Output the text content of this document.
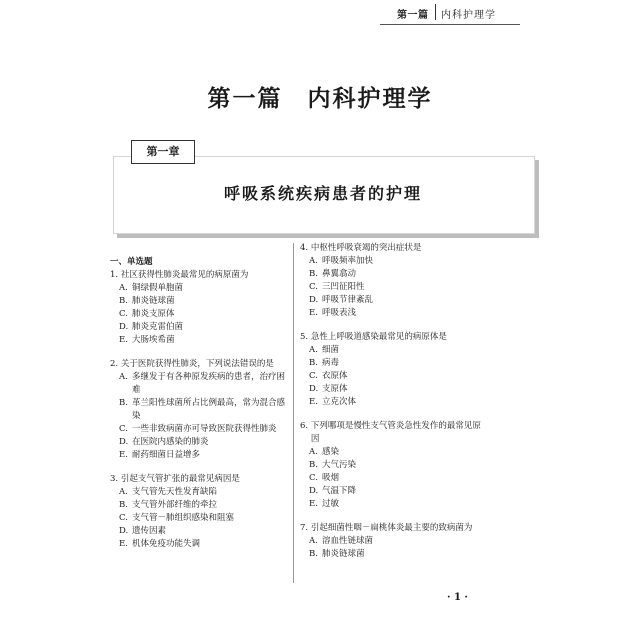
第一篇 内科护理学
第一篇　内科护理学
第一章
呼吸系统疾病患者的护理
一、单选题
1. 社区获得性肺炎最常见的病原菌为
A. 铜绿假单胞菌
B. 肺炎链球菌
C. 肺炎支原体
D. 肺炎克雷伯菌
E. 大肠埃希菌
2. 关于医院获得性肺炎，下列说法错误的是
A. 多继发于有各种原发疾病的患者，治疗困难
B. 革兰阳性球菌所占比例最高，常为混合感染
C. 一些非致病菌亦可导致医院获得性肺炎
D. 在医院内感染的肺炎
E. 耐药细菌日益增多
3. 引起支气管扩张的最常见病因是
A. 支气管先天性发育缺陷
B. 支气管外部纤维的牵拉
C. 支气管－肺组织感染和阻塞
D. 遗传因素
E. 机体免疫功能失调
4. 中枢性呼吸衰竭的突出症状是
A. 呼吸频率加快
B. 鼻翼翕动
C. 三凹征阳性
D. 呼吸节律紊乱
E. 呼吸表浅
5. 急性上呼吸道感染最常见的病原体是
A. 细菌
B. 病毒
C. 衣原体
D. 支原体
E. 立克次体
6. 下列哪项是慢性支气管炎急性发作的最常见原因
A. 感染
B. 大气污染
C. 吸烟
D. 气温下降
E. 过敏
7. 引起细菌性咽－扁桃体炎最主要的致病菌为
A. 溶血性链球菌
B. 肺炎链球菌
· 1 ·
